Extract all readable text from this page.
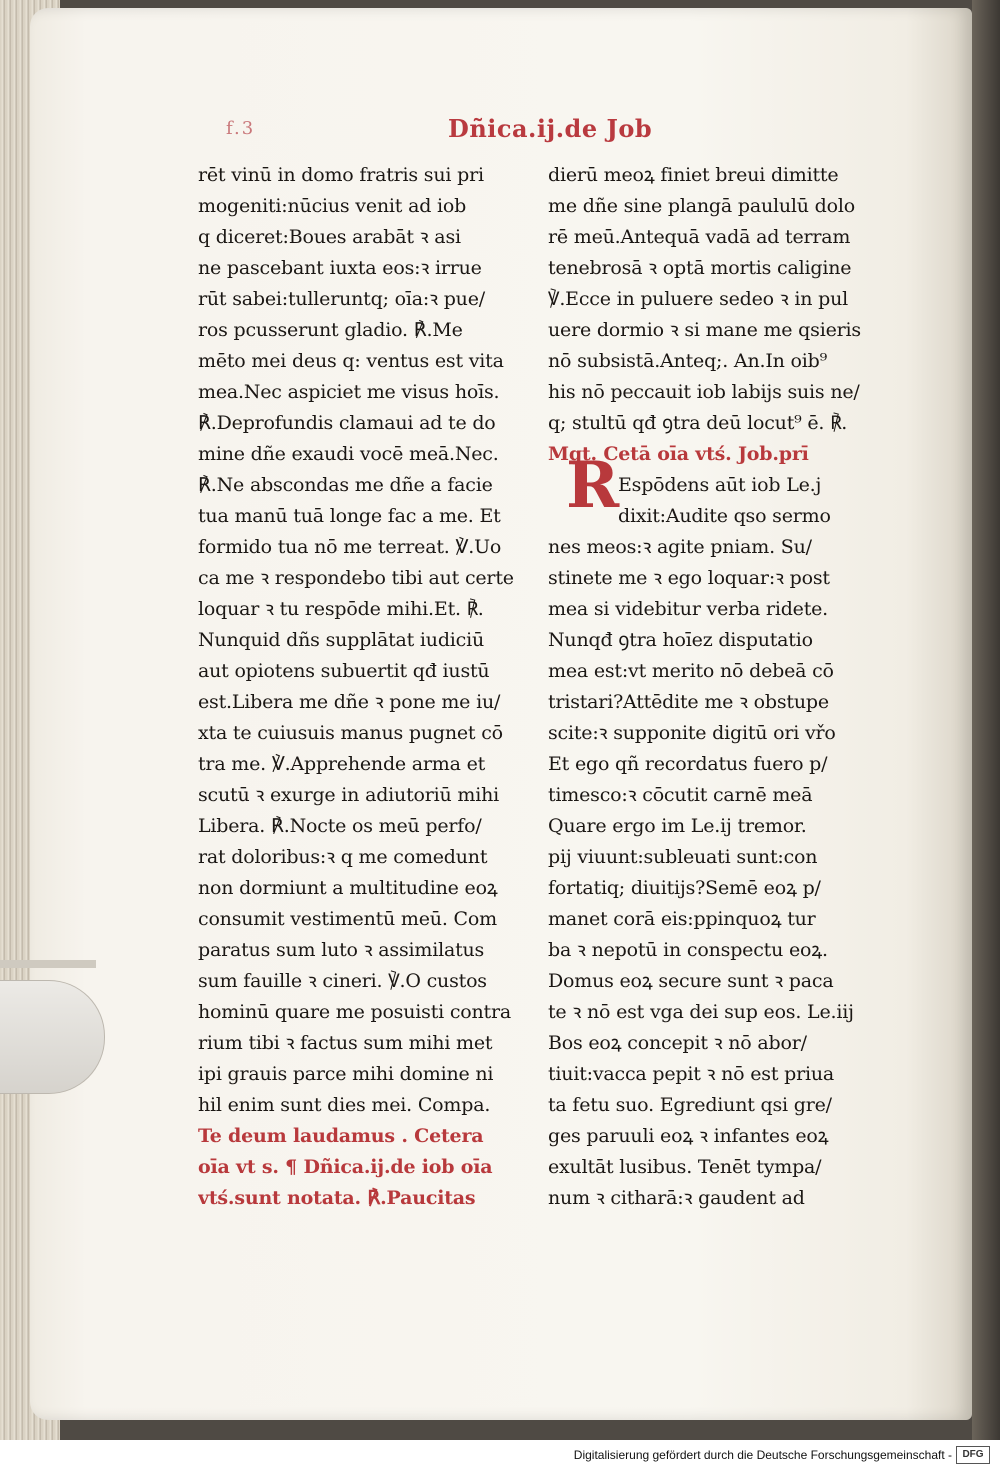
f.3	Dñica.ij.de Job
rēt vinū in domo fratris sui pri
mogeniti:nūcius venit ad iob
q diceret:Boues arabāt ꝛ asi
ne pascebant iuxta eos:ꝛ irrue
rūt sabei:tulleruntq; oīa:ꝛ pue/
ros pcusserunt gladio. ℟.Me
mēto mei deus q: ventus est vita
mea.Nec aspiciet me visus hoīs.
℟.Deprofundis clamaui ad te do
mine dñe exaudi vocē meā.Nec.
℟.Ne abscondas me dñe a facie
tua manū tuā longe fac a me. Et
formido tua nō me terreat. ℣.Uo
ca me ꝛ respondebo tibi aut certe
loquar ꝛ tu respōde mihi.Et. ℟.
Nunquid dñs supplātat iudiciū
aut opiotens subuertit qđ iustū
est.Libera me dñe ꝛ pone me iu/
xta te cuiusuis manus pugnet cō
tra me. ℣.Apprehende arma et
scutū ꝛ exurge in adiutoriū mihi
Libera. ℟.Nocte os meū perfo/
rat doloribus:ꝛ q me comedunt
non dormiunt a multitudine eoꝝ
consumit vestimentū meū. Com
paratus sum luto ꝛ assimilatus
sum fauille ꝛ cineri. ℣.O custos
hominū quare me posuisti contra
rium tibi ꝛ factus sum mihi met
ipi grauis parce mihi domine ni
hil enim sunt dies mei. Compa.
Te deum laudamus . Cetera
oīa vt s. ¶ Dñica.ij.de iob oīa
vtś.sunt notata. ℟.Paucitas
dierū meoꝝ finiet breui dimitte
me dñe sine plangā paululū dolo
rē meū.Antequā vadā ad terram
tenebrosā ꝛ optā mortis caligine
℣.Ecce in puluere sedeo ꝛ in pul
uere dormio ꝛ si mane me qsieris
nō subsistā.Anteq;. An.In oib⁹
his nō peccauit iob labijs suis ne/
q; stultū qđ ꝯtra deū locut⁹ ē. ℟.
Mgt. Cetā oīa vtś. Job.prī
Espōdens aūt iob Le.j
dixit:Audite qso sermo
nes meos:ꝛ agite pniam. Su/
stinete me ꝛ ego loquar:ꝛ post
mea si videbitur verba ridete.
Nunqđ ꝯtra hoīez disputatio
mea est:vt merito nō debeā cō
tristari?Attēdite me ꝛ obstupe
scite:ꝛ supponite digitū ori vřo
Et ego qñ recordatus fuero p/
timesco:ꝛ cōcutit carnē meā
Quare ergo im Le.ij tremor.
pij viuunt:subleuati sunt:con
fortatiq; diuitijs?Semē eoꝝ p/
manet corā eis:ppinquoꝝ tur
ba ꝛ nepotū in conspectu eoꝝ.
Domus eoꝝ secure sunt ꝛ paca
te ꝛ nō est vga dei sup eos. Le.iij
Bos eoꝝ concepit ꝛ nō abor/
tiuit:vacca pepit ꝛ nō est priua
ta fetu suo. Egrediunt qsi gre/
ges paruuli eoꝝ ꝛ infantes eoꝝ
exultāt lusibus. Tenēt tympa/
num ꝛ citharā:ꝛ gaudent ad
R
Digitalisierung gefördert durch die Deutsche Forschungsgemeinschaft -	DFG
